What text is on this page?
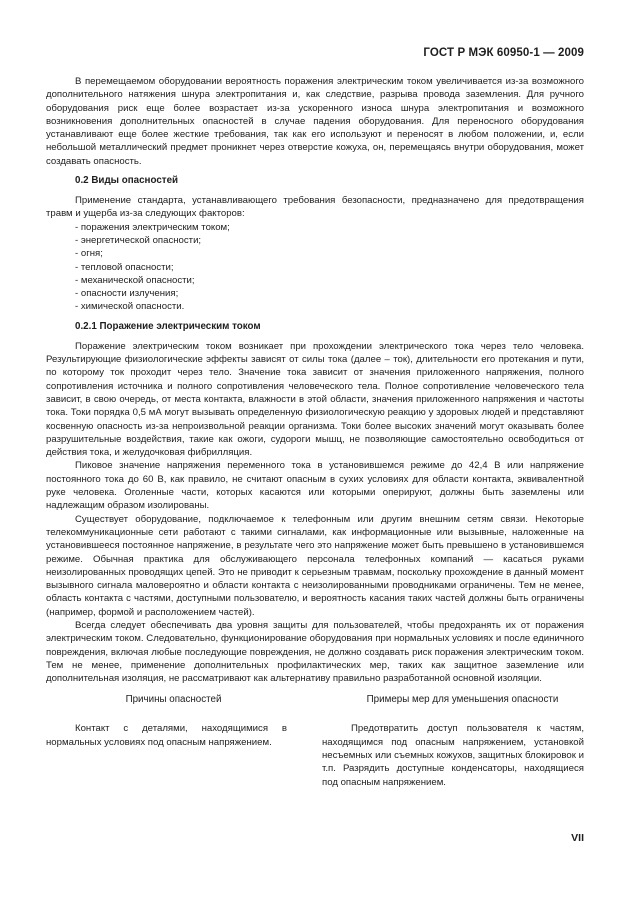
ГОСТ Р МЭК 60950-1 — 2009

В перемещаемом оборудовании вероятность поражения электрическим током увеличивается из-за возможного дополнительного натяжения шнура электропитания и, как следствие, разрыва провода заземления. Для ручного оборудования риск еще более возрастает из-за ускоренного износа шнура электропитания и возможного возникновения дополнительных опасностей в случае падения оборудования. Для переносного оборудования устанавливают еще более жесткие требования, так как его используют и переносят в любом положении, и, если небольшой металлический предмет проникнет через отверстие кожуха, он, перемещаясь внутри оборудования, может создавать опасность.

0.2 Виды опасностей

Применение стандарта, устанавливающего требования безопасности, предназначено для предотвращения травм и ущерба из-за следующих факторов:

- поражения электрическим током;
- энергетической опасности;
- огня;
- тепловой опасности;
- механической опасности;
- опасности излучения;
- химической опасности.
0.2.1 Поражение электрическим током

Поражение электрическим током возникает при прохождении электрического тока через тело человека. Результирующие физиологические эффекты зависят от силы тока (далее – ток), длительности его протекания и пути, по которому ток проходит через тело. Значение тока зависит от значения приложенного напряжения, полного сопротивления источника и полного сопротивления человеческого тела. Полное сопротивление человеческого тела зависит, в свою очередь, от места контакта, влажности в этой области, значения приложенного напряжения и частоты тока. Токи порядка 0,5 мА могут вызывать определенную физиологическую реакцию у здоровых людей и представляют косвенную опасность из-за непроизвольной реакции организма. Токи более высоких значений могут оказывать более разрушительные воздействия, такие как ожоги, судороги мышц, не позволяющие самостоятельно освободиться от действия тока, и желудочковая фибрилляция.

Пиковое значение напряжения переменного тока в установившемся режиме до 42,4 В или напряжение постоянного тока до 60 В, как правило, не считают опасным в сухих условиях для области контакта, эквивалентной руке человека. Оголенные части, которых касаются или которыми оперируют, должны быть заземлены или надлежащим образом изолированы.

Существует оборудование, подключаемое к телефонным или другим внешним сетям связи. Некоторые телекоммуникационные сети работают с такими сигналами, как информационные или вызывные, наложенные на установившееся постоянное напряжение, в результате чего это напряжение может быть превышено в установившемся режиме. Обычная практика для обслуживающего персонала телефонных компаний — касаться руками неизолированных проводящих цепей. Это не приводит к серьезным травмам, поскольку прохождение в данный момент вызывного сигнала маловероятно и области контакта с неизолированными проводниками ограничены. Тем не менее, область контакта с частями, доступными пользователю, и вероятность касания таких частей должны быть ограничены (например, формой и расположением частей).

Всегда следует обеспечивать два уровня защиты для пользователей, чтобы предохранять их от поражения электрическим током. Следовательно, функционирование оборудования при нормальных условиях и после единичного повреждения, включая любые последующие повреждения, не должно создавать риск поражения электрическим током. Тем не менее, применение дополнительных профилактических мер, таких как защитное заземление или дополнительная изоляция, не рассматривают как альтернативу правильно разработанной основной изоляции.

Причины опасностей	Примеры мер для уменьшения опасности
Контакт с деталями, находящимися в нормальных условиях под опасным напряжением.
Предотвратить доступ пользователя к частям, находящимся под опасным напряжением, установкой несъемных или съемных кожухов, защитных блокировок и т.п. Разрядить доступные конденсаторы, находящиеся под опасным напряжением.
VII
